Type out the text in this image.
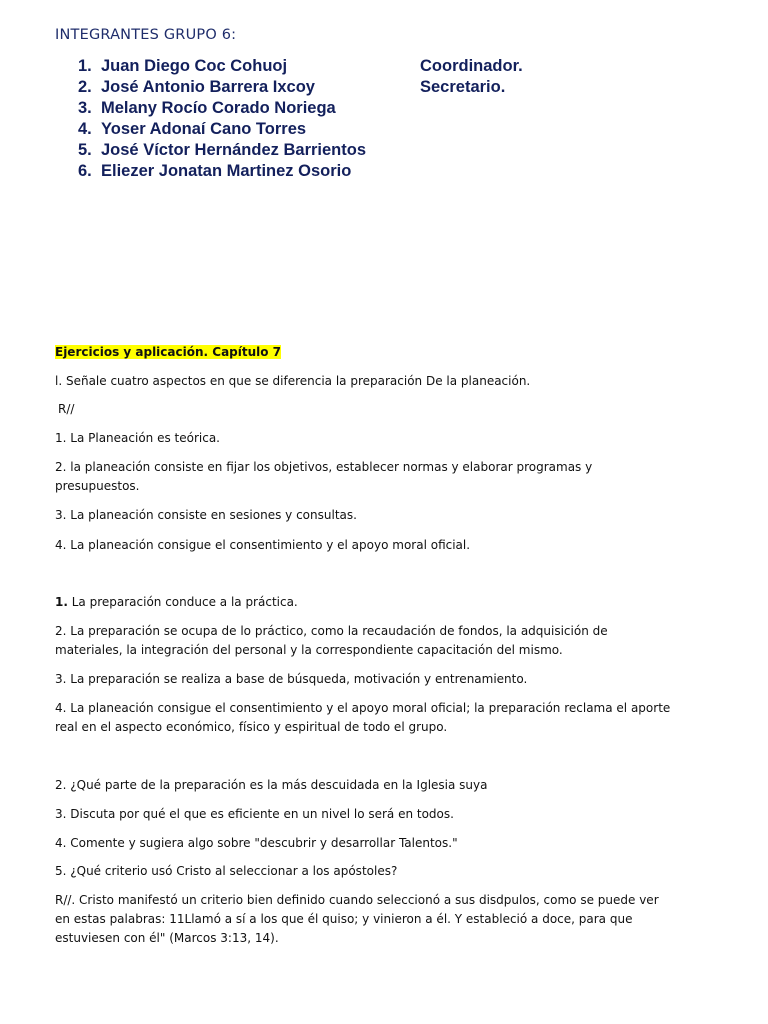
INTEGRANTES GRUPO 6:
1. Juan Diego Coc Cohuoj	Coordinador.
2. José Antonio Barrera Ixcoy	Secretario.
3. Melany Rocío Corado Noriega
4. Yoser Adonaí Cano Torres
5. José Víctor Hernández Barrientos
6. Eliezer Jonatan Martinez Osorio
Ejercicios y aplicación. Capítulo 7
l. Señale cuatro aspectos en que se diferencia la preparación De la planeación.
R//
1. La Planeación es teórica.
2. la planeación consiste en fijar los objetivos, establecer normas y elaborar programas y
presupuestos.
3. La planeación consiste en sesiones y consultas.
4. La planeación consigue el consentimiento y el apoyo moral oficial.
1. La preparación conduce a la práctica.
2. La preparación se ocupa de lo práctico, como la recaudación de fondos, la adquisición de
materiales, la integración del personal y la correspondiente capacitación del mismo.
3. La preparación se realiza a base de búsqueda, motivación y entrenamiento.
4. La planeación consigue el consentimiento y el apoyo moral oficial; la preparación reclama el aporte
real en el aspecto económico, físico y espiritual de todo el grupo.
2. ¿Qué parte de la preparación es la más descuidada en la Iglesia suya
3. Discuta por qué el que es eficiente en un nivel lo será en todos.
4. Comente y sugiera algo sobre "descubrir y desarrollar Talentos."
5. ¿Qué criterio usó Cristo al seleccionar a los apóstoles?
R//. Cristo manifestó un criterio bien definido cuando seleccionó a sus disdpulos, como se puede ver
en estas palabras: 11Llamó a sí a los que él quiso; y vinieron a él. Y estableció a doce, para que
estuviesen con él" (Marcos 3:13, 14).
